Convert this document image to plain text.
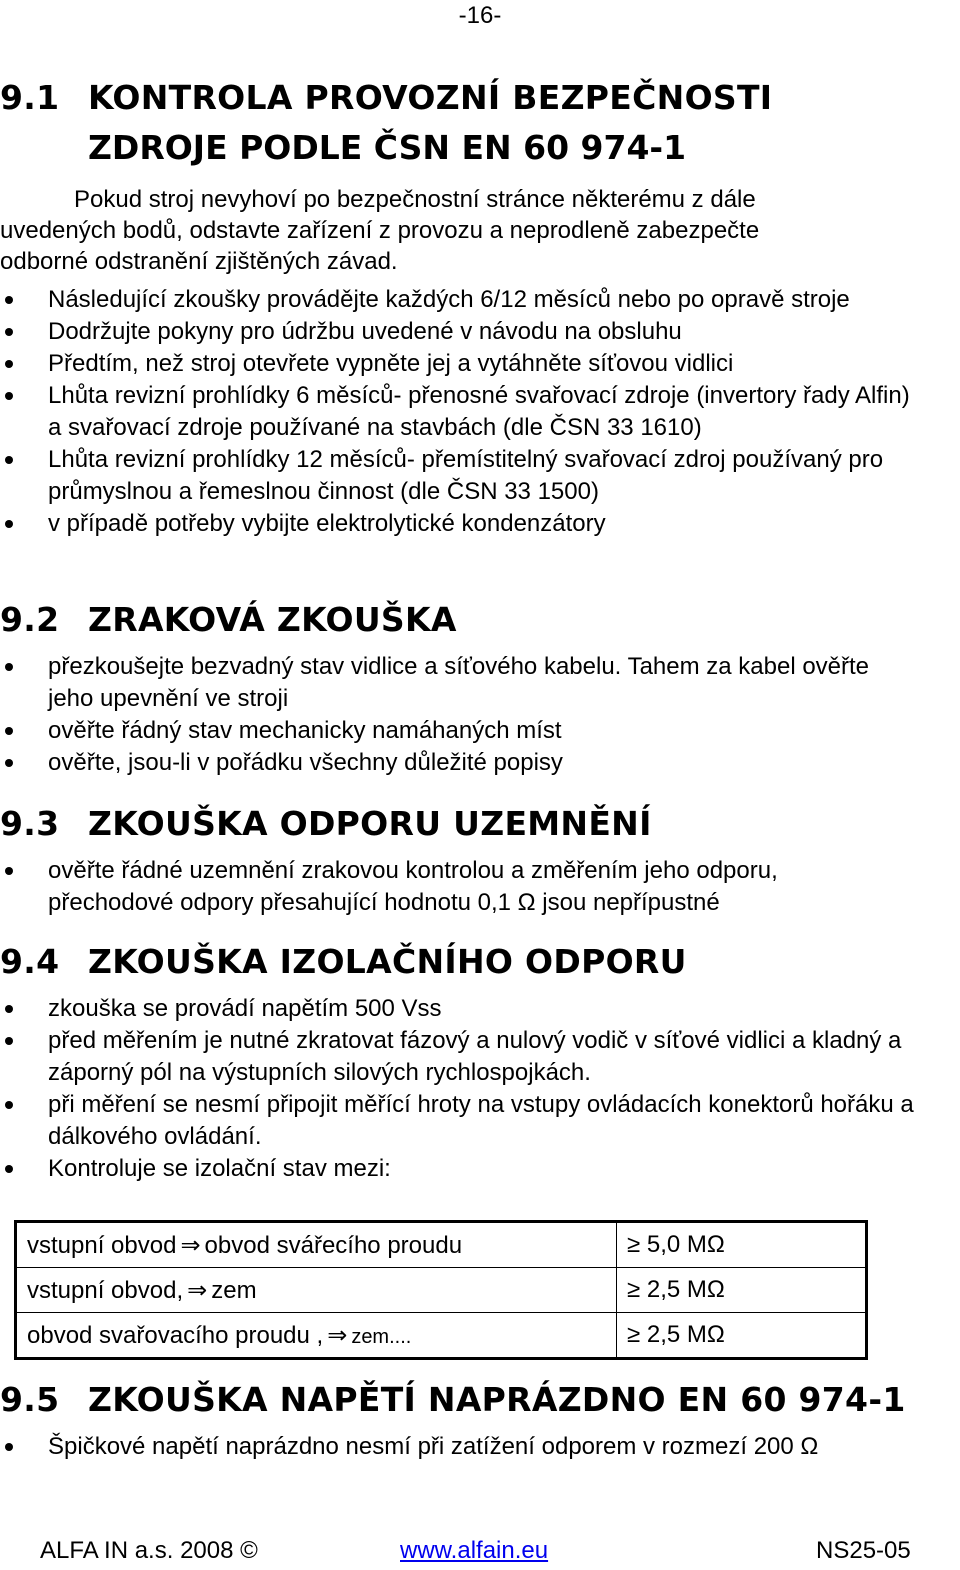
-16-
9.1 KONTROLA PROVOZNÍ BEZPEČNOSTI
ZDROJE PODLE ČSN EN 60 974-1
Pokud stroj nevyhoví po bezpečnostní stránce některému z dále
uvedených bodů, odstavte zařízení z provozu a neprodleně zabezpečte
odborné odstranění zjištěných závad.
Následující zkoušky provádějte každých 6/12 měsíců nebo po opravě stroje
Dodržujte pokyny pro údržbu uvedené v návodu na obsluhu
Předtím, než stroj otevřete vypněte jej a vytáhněte síťovou vidlici
Lhůta revizní prohlídky 6 měsíců- přenosné svařovací zdroje (invertory řady Alfin) a svařovací zdroje používané na stavbách (dle ČSN 33 1610)
Lhůta revizní prohlídky 12 měsíců- přemístitelný svařovací zdroj používaný pro průmyslnou a řemeslnou činnost (dle ČSN 33 1500)
v případě potřeby vybijte elektrolytické kondenzátory
9.2 ZRAKOVÁ ZKOUŠKA
přezkoušejte bezvadný stav vidlice a síťového kabelu. Tahem za kabel ověřte jeho upevnění ve stroji
ověřte řádný stav mechanicky namáhaných míst
ověřte, jsou-li v pořádku všechny důležité popisy
9.3 ZKOUŠKA ODPORU UZEMNĚNÍ
ověřte řádné uzemnění zrakovou kontrolou a změřením jeho odporu, přechodové odpory přesahující hodnotu 0,1 Ω jsou nepřípustné
9.4 ZKOUŠKA IZOLAČNÍHO ODPORU
zkouška se provádí napětím 500 Vss
před měřením je nutné zkratovat fázový a nulový vodič v síťové vidlici a kladný a záporný pól na výstupních silových rychlospojkách.
při měření se nesmí připojit měřící hroty na vstupy ovládacích konektorů hořáku a dálkového ovládání.
Kontroluje se izolační stav mezi:
vstupní obvod ⇒ obvod svářecího proudu	≥ 5,0 MΩ
vstupní obvod, ⇒ zem	≥ 2,5 MΩ
obvod svařovacího proudu , ⇒ zem....	≥ 2,5 MΩ
9.5 ZKOUŠKA NAPĚTÍ NAPRÁZDNO EN 60 974-1
Špičkové napětí naprázdno nesmí při zatížení odporem v rozmezí 200 Ω
ALFA IN a.s. 2008 ©	www.alfain.eu	NS25-05
